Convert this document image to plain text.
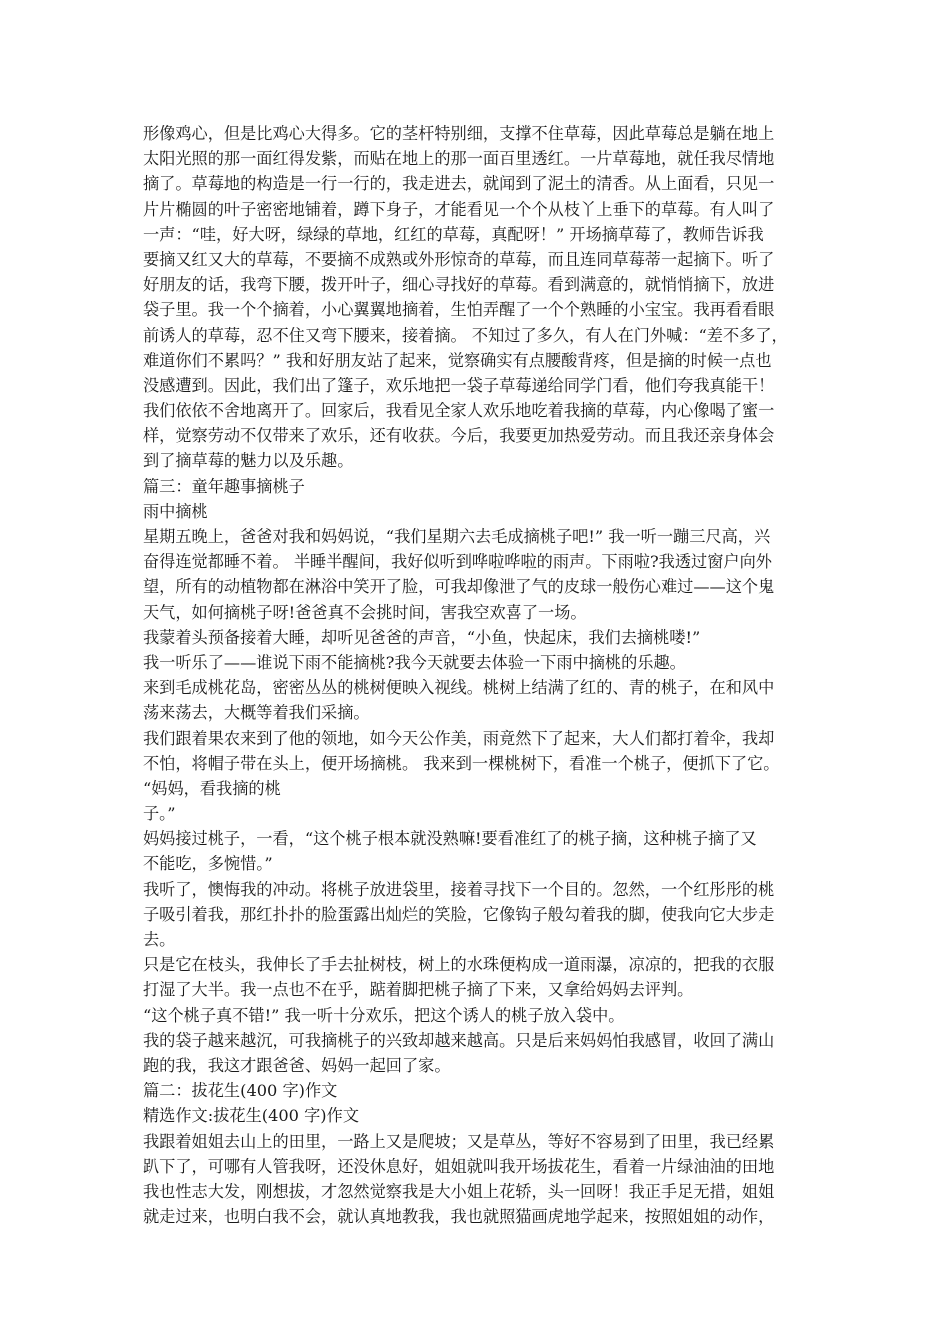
形像鸡心，但是比鸡心大得多。它的茎杆特别细，支撑不住草莓，因此草莓总是躺在地上
太阳光照的那一面红得发紫，而贴在地上的那一面百里透红。一片草莓地，就任我尽情地
摘了。草莓地的构造是一行一行的，我走进去，就闻到了泥土的清香。从上面看，只见一
片片椭圆的叶子密密地铺着，蹲下身子，才能看见一个个从枝丫上垂下的草莓。有人叫了
一声：“哇，好大呀，绿绿的草地，红红的草莓，真配呀！” 开场摘草莓了，教师告诉我
要摘又红又大的草莓，不要摘不成熟或外形惊奇的草莓，而且连同草莓蒂一起摘下。听了
好朋友的话，我弯下腰，拨开叶子，细心寻找好的草莓。看到满意的，就悄悄摘下，放进
袋子里。我一个个摘着，小心翼翼地摘着，生怕弄醒了一个个熟睡的小宝宝。我再看看眼
前诱人的草莓，忍不住又弯下腰来，接着摘。 不知过了多久，有人在门外喊：“差不多了，
难道你们不累吗？” 我和好朋友站了起来，觉察确实有点腰酸背疼，但是摘的时候一点也
没感遭到。因此，我们出了篷子，欢乐地把一袋子草莓递给同学门看，他们夸我真能干！
我们依依不舍地离开了。回家后，我看见全家人欢乐地吃着我摘的草莓，内心像喝了蜜一
样，觉察劳动不仅带来了欢乐，还有收获。今后，我要更加热爱劳动。而且我还亲身体会
到了摘草莓的魅力以及乐趣。
篇三：童年趣事摘桃子
雨中摘桃
星期五晚上，爸爸对我和妈妈说，“我们星期六去毛成摘桃子吧!” 我一听一蹦三尺高，兴
奋得连觉都睡不着。 半睡半醒间，我好似听到哗啦哗啦的雨声。下雨啦?我透过窗户向外
望，所有的动植物都在淋浴中笑开了脸，可我却像泄了气的皮球一般伤心难过——这个鬼
天气，如何摘桃子呀!爸爸真不会挑时间，害我空欢喜了一场。
我蒙着头预备接着大睡，却听见爸爸的声音，“小鱼，快起床，我们去摘桃喽!”
我一听乐了——谁说下雨不能摘桃?我今天就要去体验一下雨中摘桃的乐趣。
来到毛成桃花岛，密密丛丛的桃树便映入视线。桃树上结满了红的、青的桃子，在和风中
荡来荡去，大概等着我们采摘。
我们跟着果农来到了他的领地，如今天公作美，雨竟然下了起来，大人们都打着伞，我却
不怕，将帽子带在头上，便开场摘桃。 我来到一棵桃树下，看准一个桃子，便抓下了它。
“妈妈，看我摘的桃
子。”
妈妈接过桃子，一看，“这个桃子根本就没熟嘛!要看准红了的桃子摘，这种桃子摘了又
不能吃，多惋惜。”
我听了，懊悔我的冲动。将桃子放进袋里，接着寻找下一个目的。忽然，一个红彤彤的桃
子吸引着我，那红扑扑的脸蛋露出灿烂的笑脸，它像钩子般勾着我的脚，使我向它大步走
去。
只是它在枝头，我伸长了手去扯树枝，树上的水珠便构成一道雨瀑，凉凉的，把我的衣服
打湿了大半。我一点也不在乎，踮着脚把桃子摘了下来，又拿给妈妈去评判。
“这个桃子真不错!” 我一听十分欢乐，把这个诱人的桃子放入袋中。
我的袋子越来越沉，可我摘桃子的兴致却越来越高。只是后来妈妈怕我感冒，收回了满山
跑的我，我这才跟爸爸、妈妈一起回了家。
篇二：拔花生(400 字)作文
精选作文:拔花生(400 字)作文
我跟着姐姐去山上的田里，一路上又是爬坡；又是草丛，等好不容易到了田里，我已经累
趴下了，可哪有人管我呀，还没休息好，姐姐就叫我开场拔花生，看着一片绿油油的田地
我也性志大发，刚想拔，才忽然觉察我是大小姐上花轿，头一回呀！我正手足无措，姐姐
就走过来，也明白我不会，就认真地教我，我也就照猫画虎地学起来，按照姐姐的动作，
